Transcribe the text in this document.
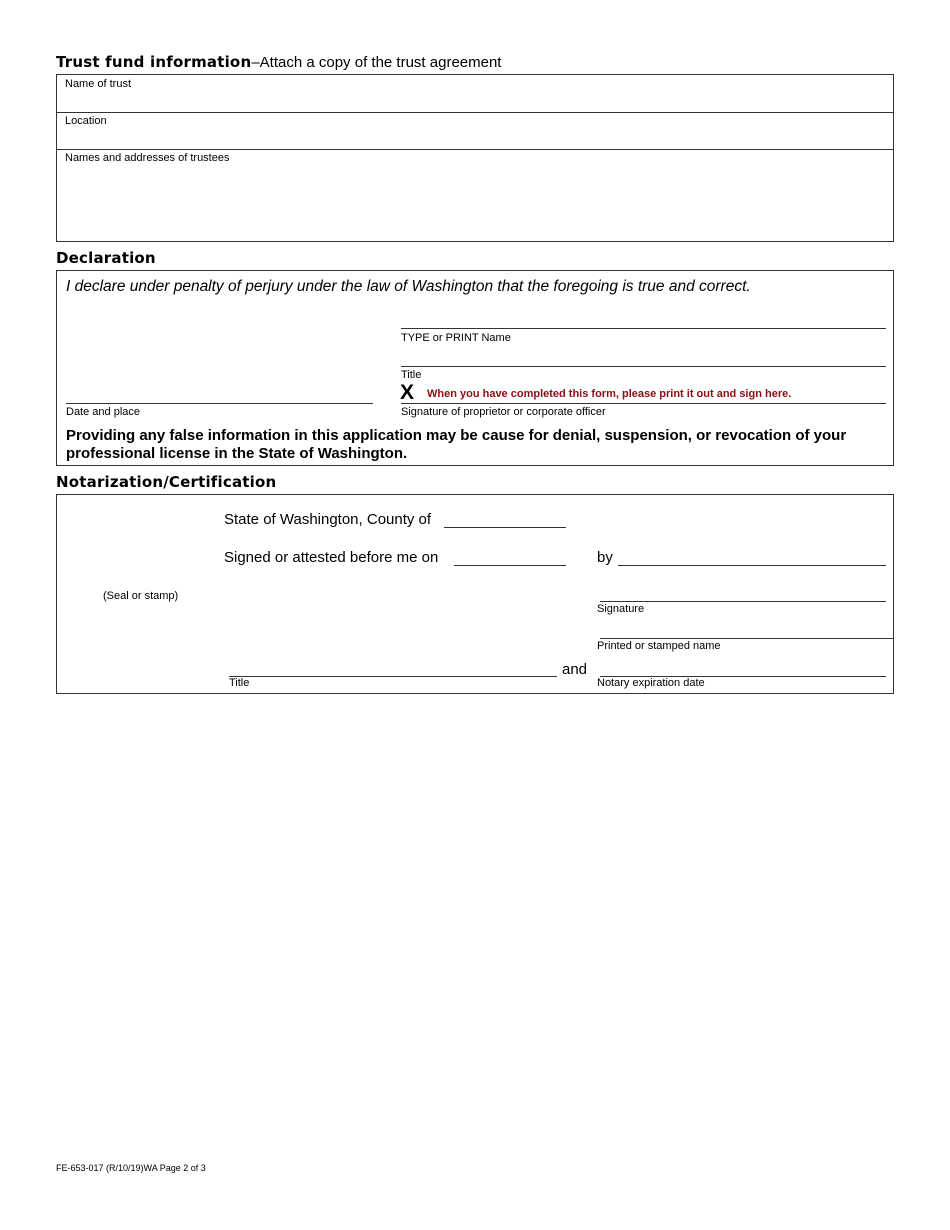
Trust fund information–Attach a copy of the trust agreement
Name of trust
Location
Names and addresses of trustees
Declaration
I declare under penalty of perjury under the law of Washington that the foregoing is true and correct.
TYPE or PRINT Name
Title
X When you have completed this form, please print it out and sign here.
Signature of proprietor or corporate officer
Date and place
Providing any false information in this application may be cause for denial, suspension, or revocation of your professional license in the State of Washington.
Notarization/Certification
State of Washington, County of
Signed or attested before me on	by
(Seal or stamp)
Signature
Printed or stamped name
Title
and
Notary expiration date
FE-653-017 (R/10/19)WA Page 2 of 3
